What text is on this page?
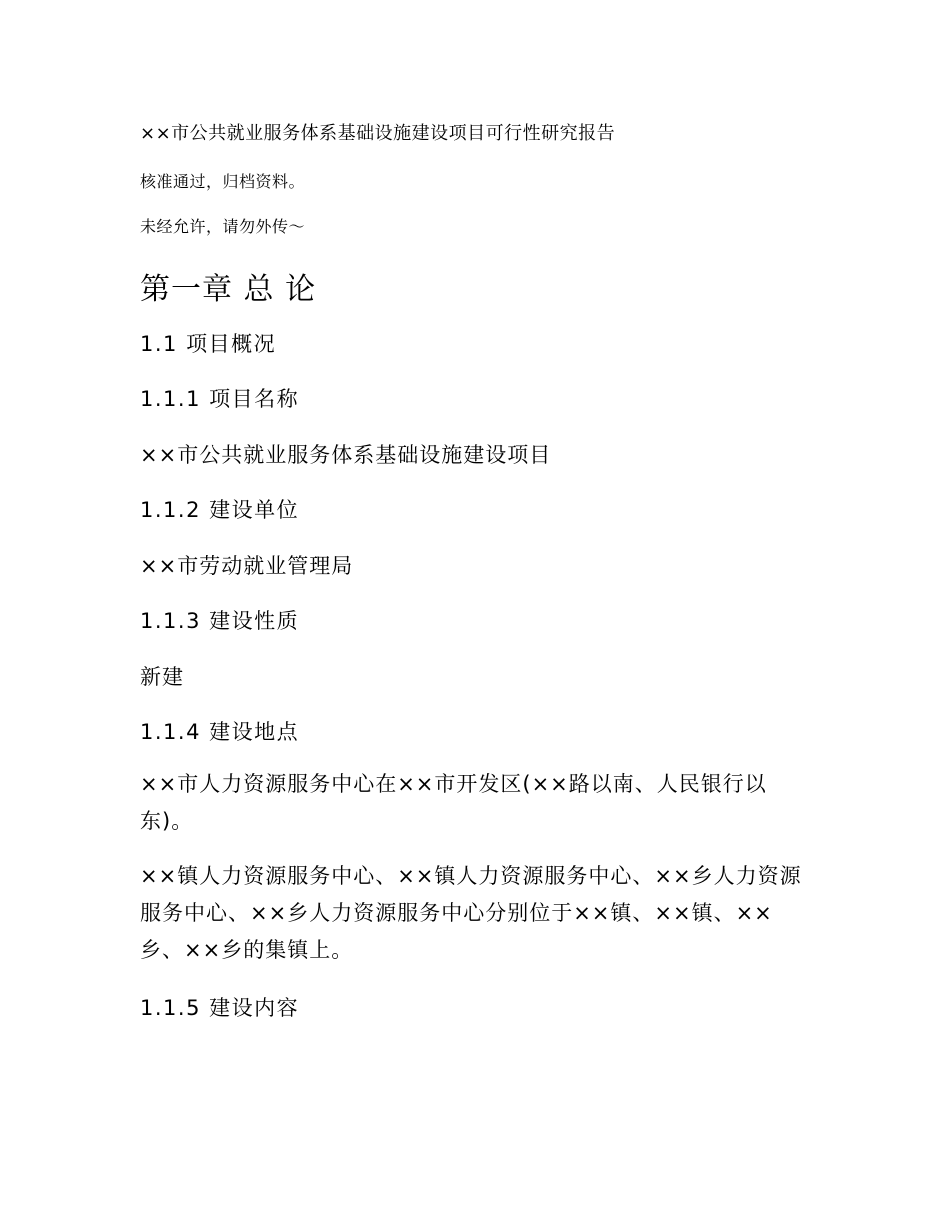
××市公共就业服务体系基础设施建设项目可行性研究报告

核准通过，归档资料。

未经允许，请勿外传～

第一章 总 论

1.1 项目概况

1.1.1 项目名称

××市公共就业服务体系基础设施建设项目

1.1.2 建设单位

××市劳动就业管理局

1.1.3 建设性质

新建

1.1.4 建设地点

××市人力资源服务中心在××市开发区(××路以南、人民银行以东)。

××镇人力资源服务中心、××镇人力资源服务中心、××乡人力资源服务中心、××乡人力资源服务中心分别位于××镇、××镇、××乡、××乡的集镇上。

1.1.5 建设内容
